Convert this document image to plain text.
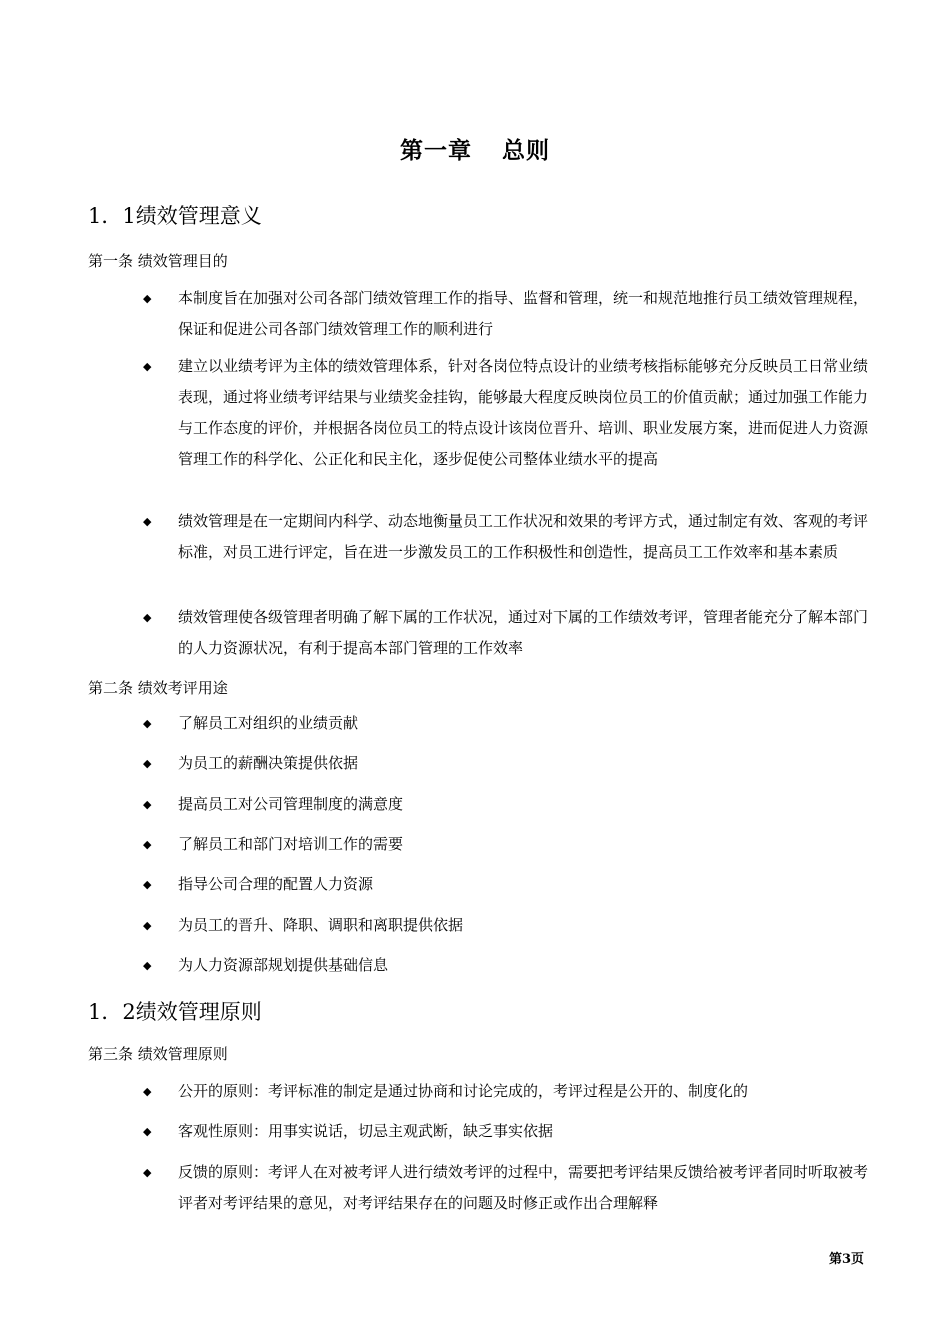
第一章 总则
1．1绩效管理意义
第一条 绩效管理目的
◆ 本制度旨在加强对公司各部门绩效管理工作的指导、监督和管理，统一和规范地推行员工绩效管理规程，保证和促进公司各部门绩效管理工作的顺利进行
◆ 建立以业绩考评为主体的绩效管理体系，针对各岗位特点设计的业绩考核指标能够充分反映员工日常业绩表现，通过将业绩考评结果与业绩奖金挂钩，能够最大程度反映岗位员工的价值贡献；通过加强工作能力与工作态度的评价，并根据各岗位员工的特点设计该岗位晋升、培训、职业发展方案，进而促进人力资源管理工作的科学化、公正化和民主化，逐步促使公司整体业绩水平的提高
◆ 绩效管理是在一定期间内科学、动态地衡量员工工作状况和效果的考评方式，通过制定有效、客观的考评标准，对员工进行评定，旨在进一步激发员工的工作积极性和创造性，提高员工工作效率和基本素质
◆ 绩效管理使各级管理者明确了解下属的工作状况，通过对下属的工作绩效考评，管理者能充分了解本部门的人力资源状况，有利于提高本部门管理的工作效率
第二条 绩效考评用途
◆ 了解员工对组织的业绩贡献
◆ 为员工的薪酬决策提供依据
◆ 提高员工对公司管理制度的满意度
◆ 了解员工和部门对培训工作的需要
◆ 指导公司合理的配置人力资源
◆ 为员工的晋升、降职、调职和离职提供依据
◆ 为人力资源部规划提供基础信息
1．2绩效管理原则
第三条 绩效管理原则
◆ 公开的原则：考评标准的制定是通过协商和讨论完成的，考评过程是公开的、制度化的
◆ 客观性原则：用事实说话，切忌主观武断，缺乏事实依据
◆ 反馈的原则：考评人在对被考评人进行绩效考评的过程中，需要把考评结果反馈给被考评者同时听取被考评者对考评结果的意见，对考评结果存在的问题及时修正或作出合理解释
第3页
